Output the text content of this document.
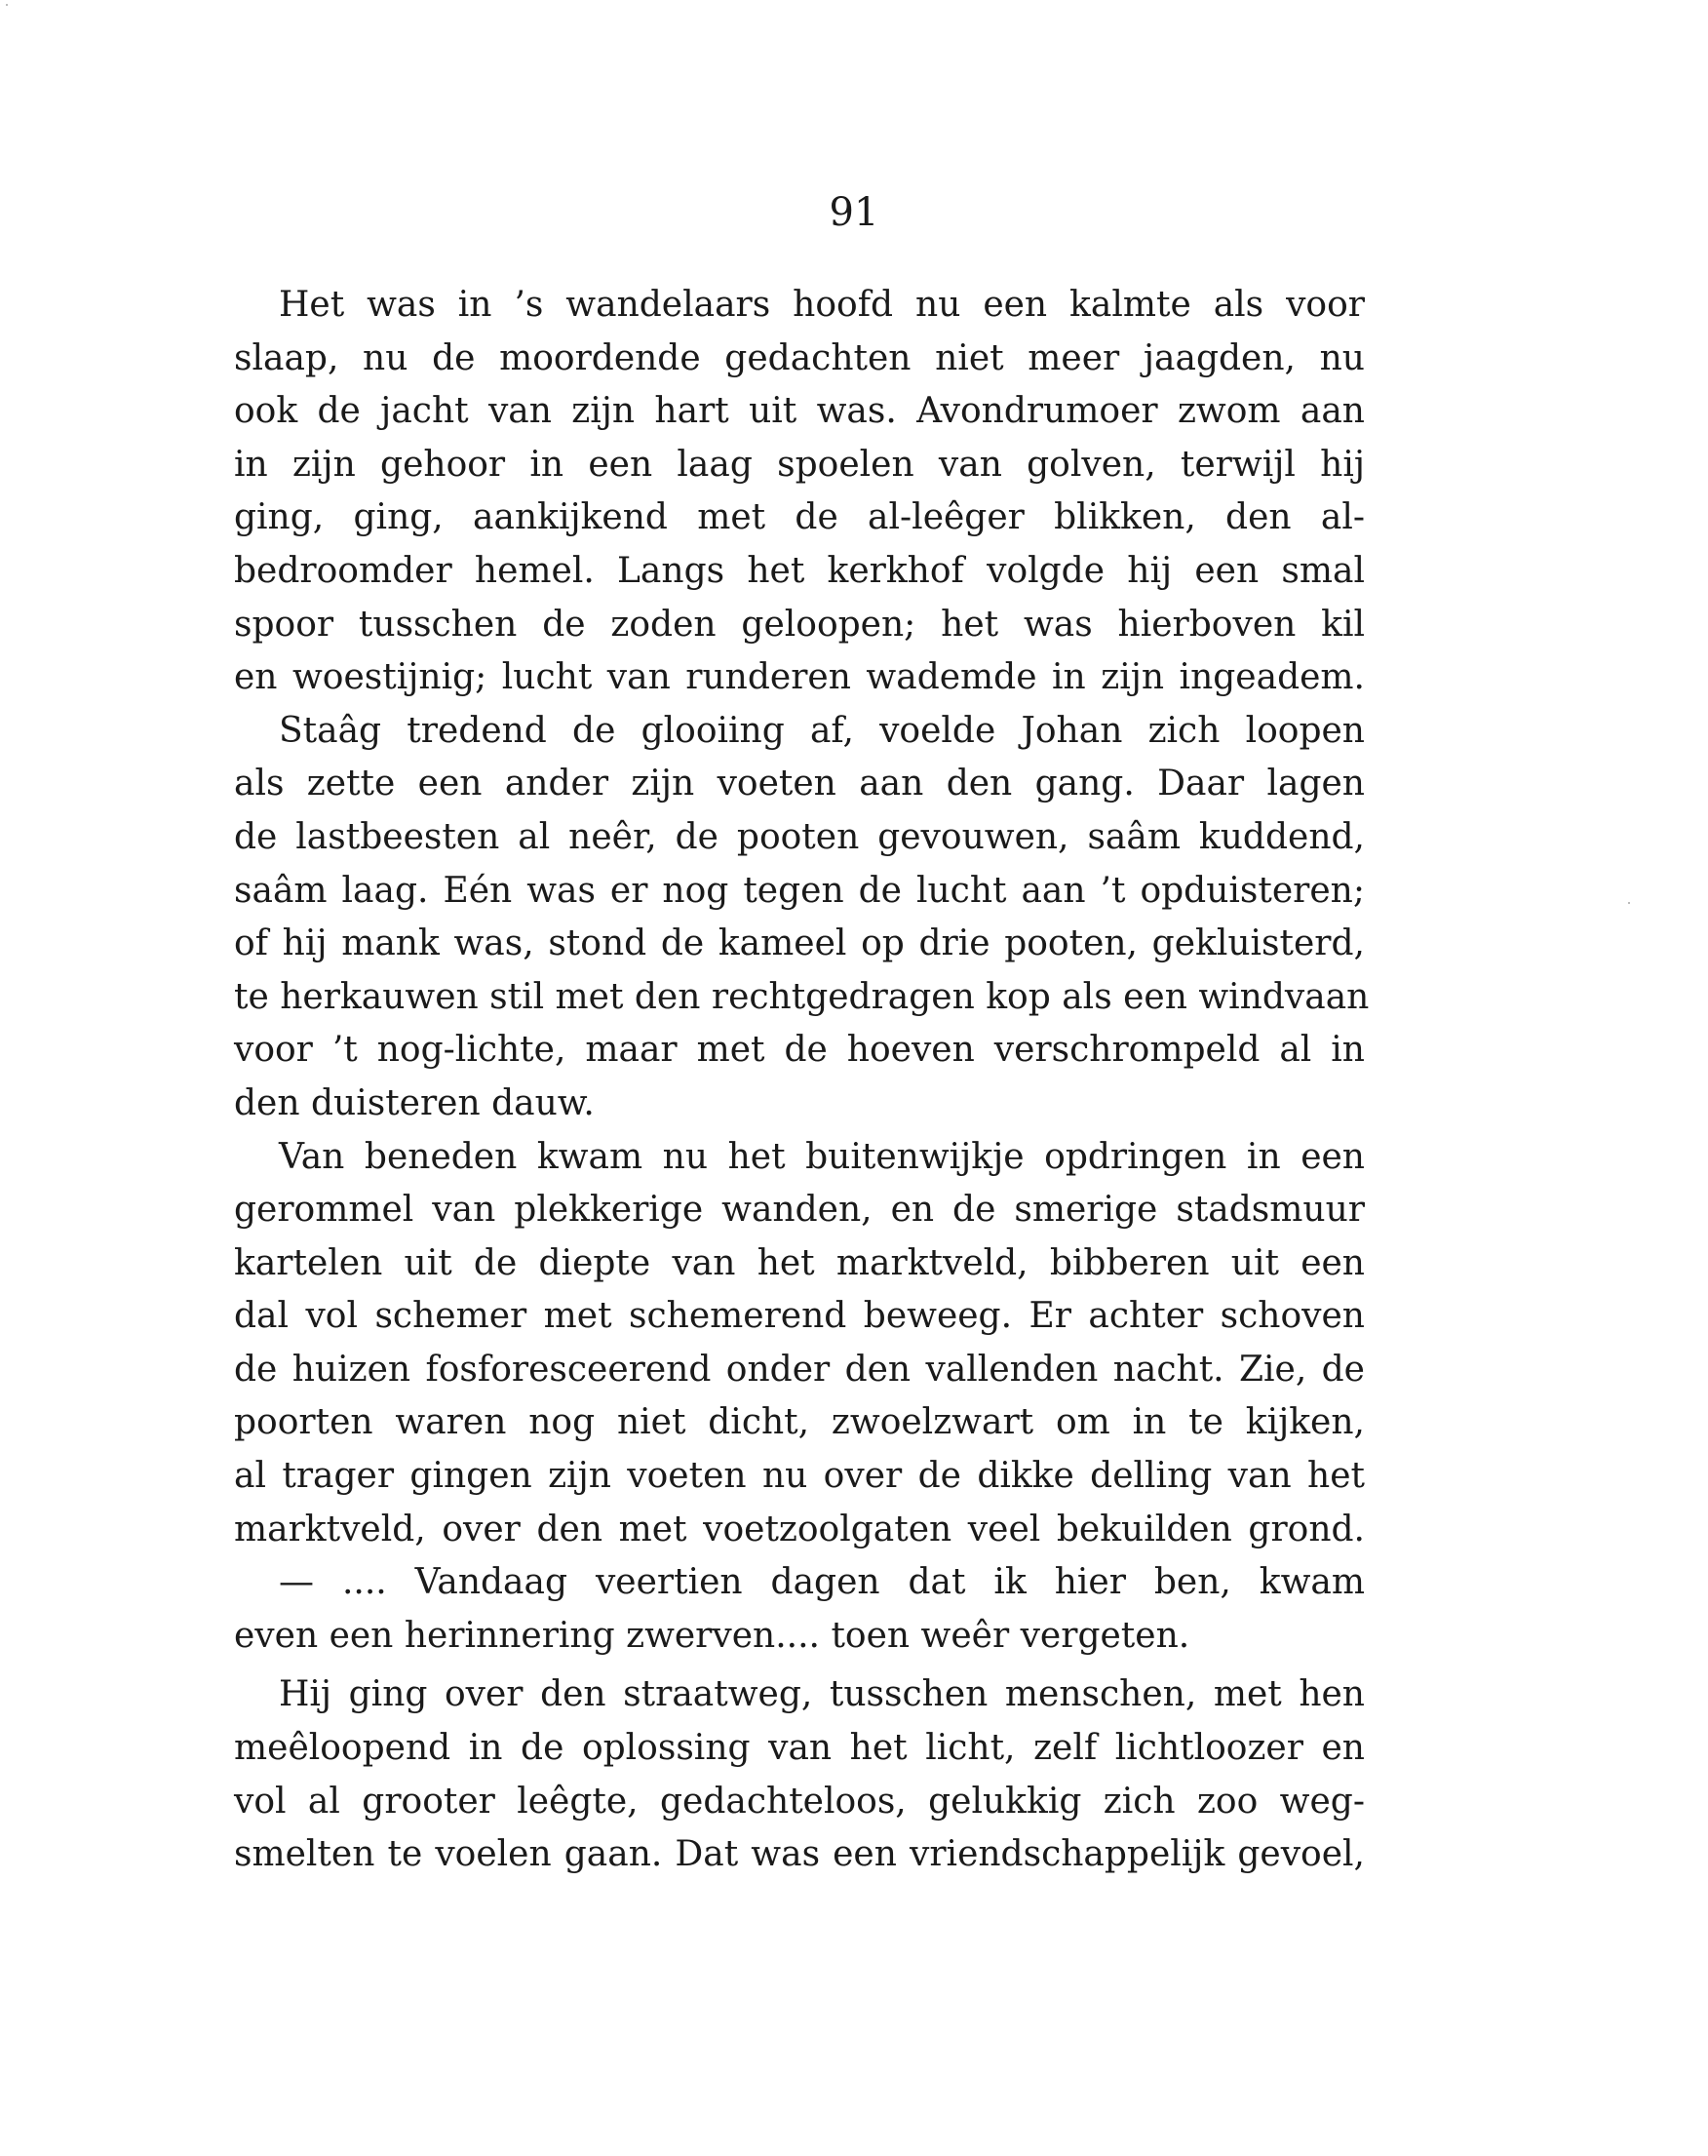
91
Het was in ’s wandelaars hoofd nu een kalmte als voor
slaap, nu de moordende gedachten niet meer jaagden, nu
ook de jacht van zijn hart uit was. Avondrumoer zwom aan
in zijn gehoor in een laag spoelen van golven, terwijl hij
ging, ging, aankijkend met de al-leêger blikken, den al-
bedroomder hemel. Langs het kerkhof volgde hij een smal
spoor tusschen de zoden geloopen; het was hierboven kil
en woestijnig; lucht van runderen wademde in zijn ingeadem.
Staâg tredend de glooiing af, voelde Johan zich loopen
als zette een ander zijn voeten aan den gang. Daar lagen
de lastbeesten al neêr, de pooten gevouwen, saâm kuddend,
saâm laag. Eén was er nog tegen de lucht aan ’t opduisteren;
of hij mank was, stond de kameel op drie pooten, gekluisterd,
te herkauwen stil met den rechtgedragen kop als een windvaan
voor ’t nog-lichte, maar met de hoeven verschrompeld al in
den duisteren dauw.
Van beneden kwam nu het buitenwijkje opdringen in een
gerommel van plekkerige wanden, en de smerige stadsmuur
kartelen uit de diepte van het marktveld, bibberen uit een
dal vol schemer met schemerend beweeg. Er achter schoven
de huizen fosforesceerend onder den vallenden nacht. Zie, de
poorten waren nog niet dicht, zwoelzwart om in te kijken,
al trager gingen zijn voeten nu over de dikke delling van het
marktveld, over den met voetzoolgaten veel bekuilden grond.
— .... Vandaag veertien dagen dat ik hier ben, kwam
even een herinnering zwerven.... toen weêr vergeten.
Hij ging over den straatweg, tusschen menschen, met hen
meêloopend in de oplossing van het licht, zelf lichtloozer en
vol al grooter leêgte, gedachteloos, gelukkig zich zoo weg-
smelten te voelen gaan. Dat was een vriendschappelijk gevoel,
